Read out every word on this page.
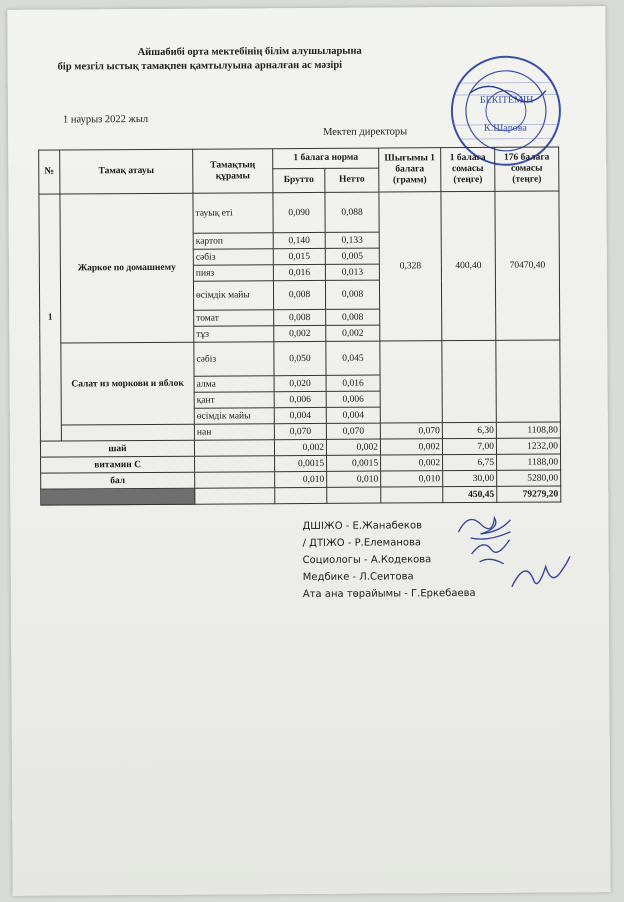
Айшабибі орта мектебінің білім алушыларына
бір мезгіл ыстық тамақпен қамтылуына арналған ас мәзірі
1 наурыз 2022 жыл
Мектеп директоры
БЕКІТЕМІН
К.Шарова
№	Тамақ атауы	Тамақтың құрамы	1 балага норма		Шығымы 1 балага (грамм)	1 балага сомасы (теңге)	176 балага сомасы (теңге)
			Брутто	Нетто			
1	Жаркое по домашнему	тауық еті	0,090	0,088	0,328	400,40	70470,40
		картоп	0,140	0,133			
		сәбіз	0,015	0,005			
		пияз	0,016	0,013			
		өсімдік майы	0,008	0,008			
		томат	0,008	0,008			
		тұз	0,002	0,002			
	Салат из моркови и яблок	сәбіз	0,050	0,045			
		алма	0,020	0,016			
		қант	0,006	0,006			
		өсімдік майы	0,004	0,004			
		нан	0,070	0,070	0,070	6,30	1108,80
шай			0,002	0,002	0,002	7,00	1232,00
витамин С			0,0015	0,0015	0,002	6,75	1188,00
бал			0,010	0,010	0,010	30,00	5280,00
						450,45	79279,20
ДШІЖО - Е.Жанабеков
/ ДТІЖО - Р.Елеманова
Социологы - А.Кодекова
Медбике - Л.Сеитова
Ата ана төрайымы - Г.Еркебаева
